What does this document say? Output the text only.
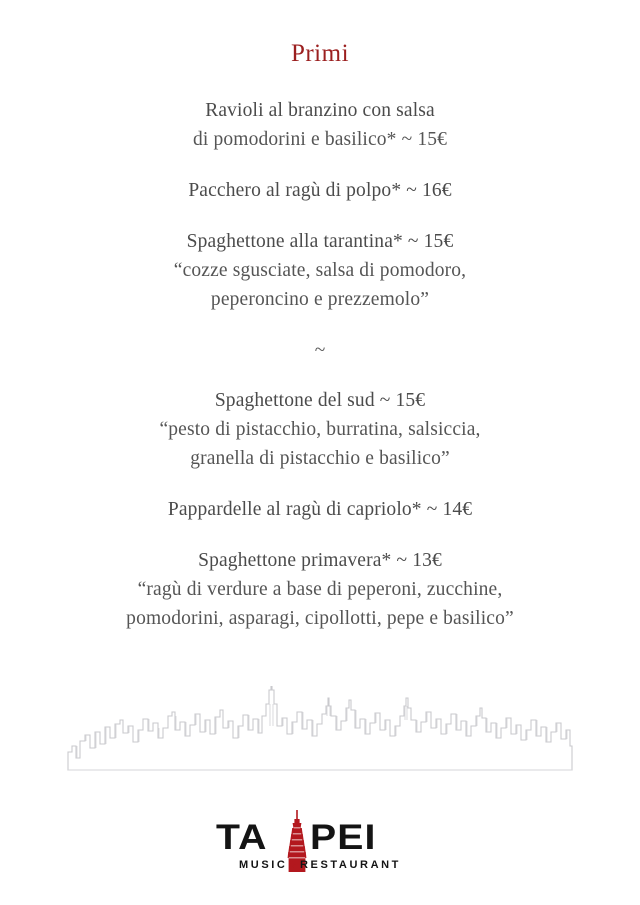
Primi
Ravioli al branzino con salsa
di pomodorini e basilico* ~ 15€
Pacchero al ragù di polpo* ~ 16€
Spaghettone alla tarantina* ~ 15€
“cozze sgusciate, salsa di pomodoro,
peperoncino e prezzemolo”
~
Spaghettone del sud ~ 15€
“pesto di pistacchio, burratina, salsiccia,
granella di pistacchio e basilico”
Pappardelle al ragù di capriolo* ~ 14€
Spaghettone primavera* ~ 13€
“ragù di verdure a base di peperoni, zucchine,
pomodorini, asparagi, cipollotti, pepe e basilico”
TA PEI
MUSIC&RESTAURANT
